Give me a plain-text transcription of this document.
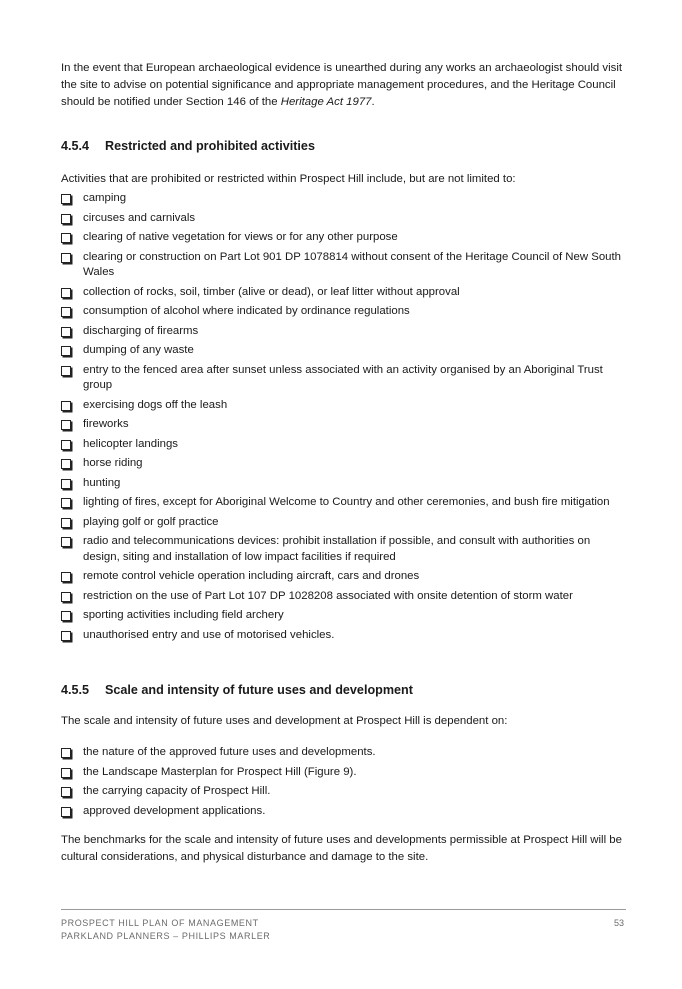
In the event that European archaeological evidence is unearthed during any works an archaeologist should visit the site to advise on potential significance and appropriate management procedures, and the Heritage Council should be notified under Section 146 of the Heritage Act 1977.

4.5.4 Restricted and prohibited activities

Activities that are prohibited or restricted within Prospect Hill include, but are not limited to:

camping
circuses and carnivals
clearing of native vegetation for views or for any other purpose
clearing or construction on Part Lot 901 DP 1078814 without consent of the Heritage Council of New South Wales
collection of rocks, soil, timber (alive or dead), or leaf litter without approval
consumption of alcohol where indicated by ordinance regulations
discharging of firearms
dumping of any waste
entry to the fenced area after sunset unless associated with an activity organised by an Aboriginal Trust group
exercising dogs off the leash
fireworks
helicopter landings
horse riding
hunting
lighting of fires, except for Aboriginal Welcome to Country and other ceremonies, and bush fire mitigation
playing golf or golf practice
radio and telecommunications devices: prohibit installation if possible, and consult with authorities on design, siting and installation of low impact facilities if required
remote control vehicle operation including aircraft, cars and drones
restriction on the use of Part Lot 107 DP 1028208 associated with onsite detention of storm water
sporting activities including field archery
unauthorised entry and use of motorised vehicles.
4.5.5 Scale and intensity of future uses and development

The scale and intensity of future uses and development at Prospect Hill is dependent on:

the nature of the approved future uses and developments.
the Landscape Masterplan for Prospect Hill (Figure 9).
the carrying capacity of Prospect Hill.
approved development applications.

The benchmarks for the scale and intensity of future uses and developments permissible at Prospect Hill will be cultural considerations, and physical disturbance and damage to the site.

PROSPECT HILL PLAN OF MANAGEMENT
PARKLAND PLANNERS – PHILLIPS MARLER
53
